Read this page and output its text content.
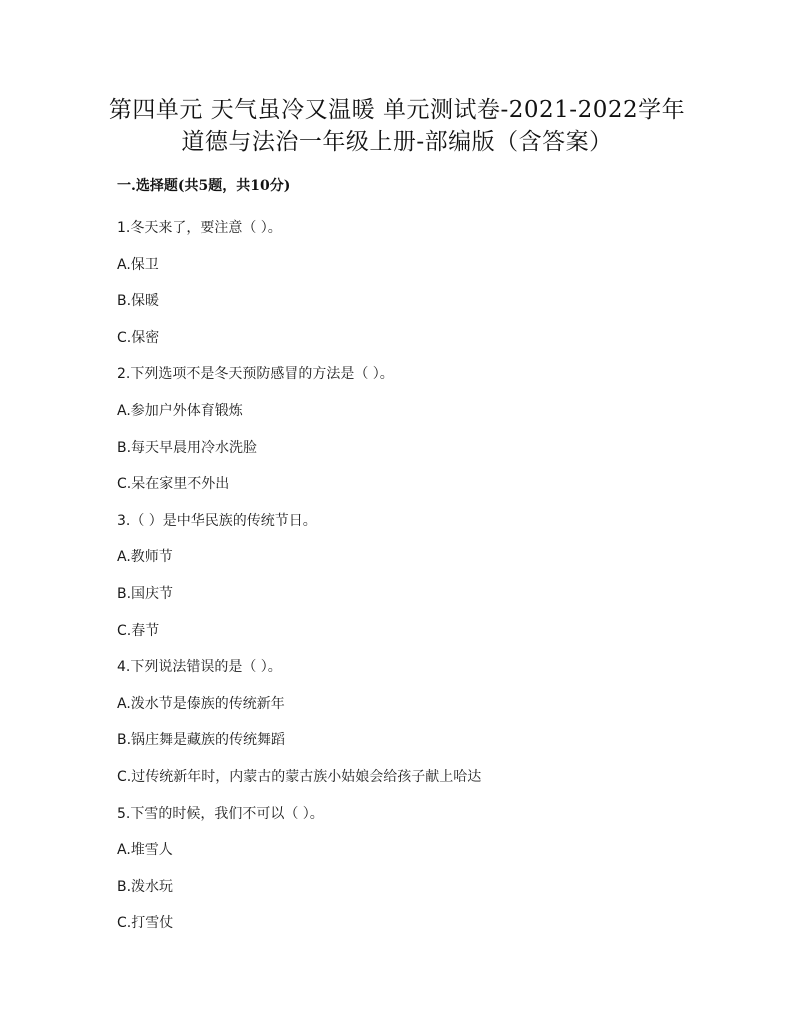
第四单元 天气虽冷又温暖 单元测试卷-2021-2022学年
道德与法治一年级上册-部编版（含答案）
一.选择题(共5题，共10分)
1.冬天来了，要注意（ ）。
A.保卫
B.保暖
C.保密
2.下列选项不是冬天预防感冒的方法是（ ）。
A.参加户外体育锻炼
B.每天早晨用冷水洗脸
C.呆在家里不外出
3.（ ）是中华民族的传统节日。
A.教师节
B.国庆节
C.春节
4.下列说法错误的是（ ）。
A.泼水节是傣族的传统新年
B.锅庄舞是藏族的传统舞蹈
C.过传统新年时，内蒙古的蒙古族小姑娘会给孩子献上哈达
5.下雪的时候，我们不可以（ ）。
A.堆雪人
B.泼水玩
C.打雪仗
